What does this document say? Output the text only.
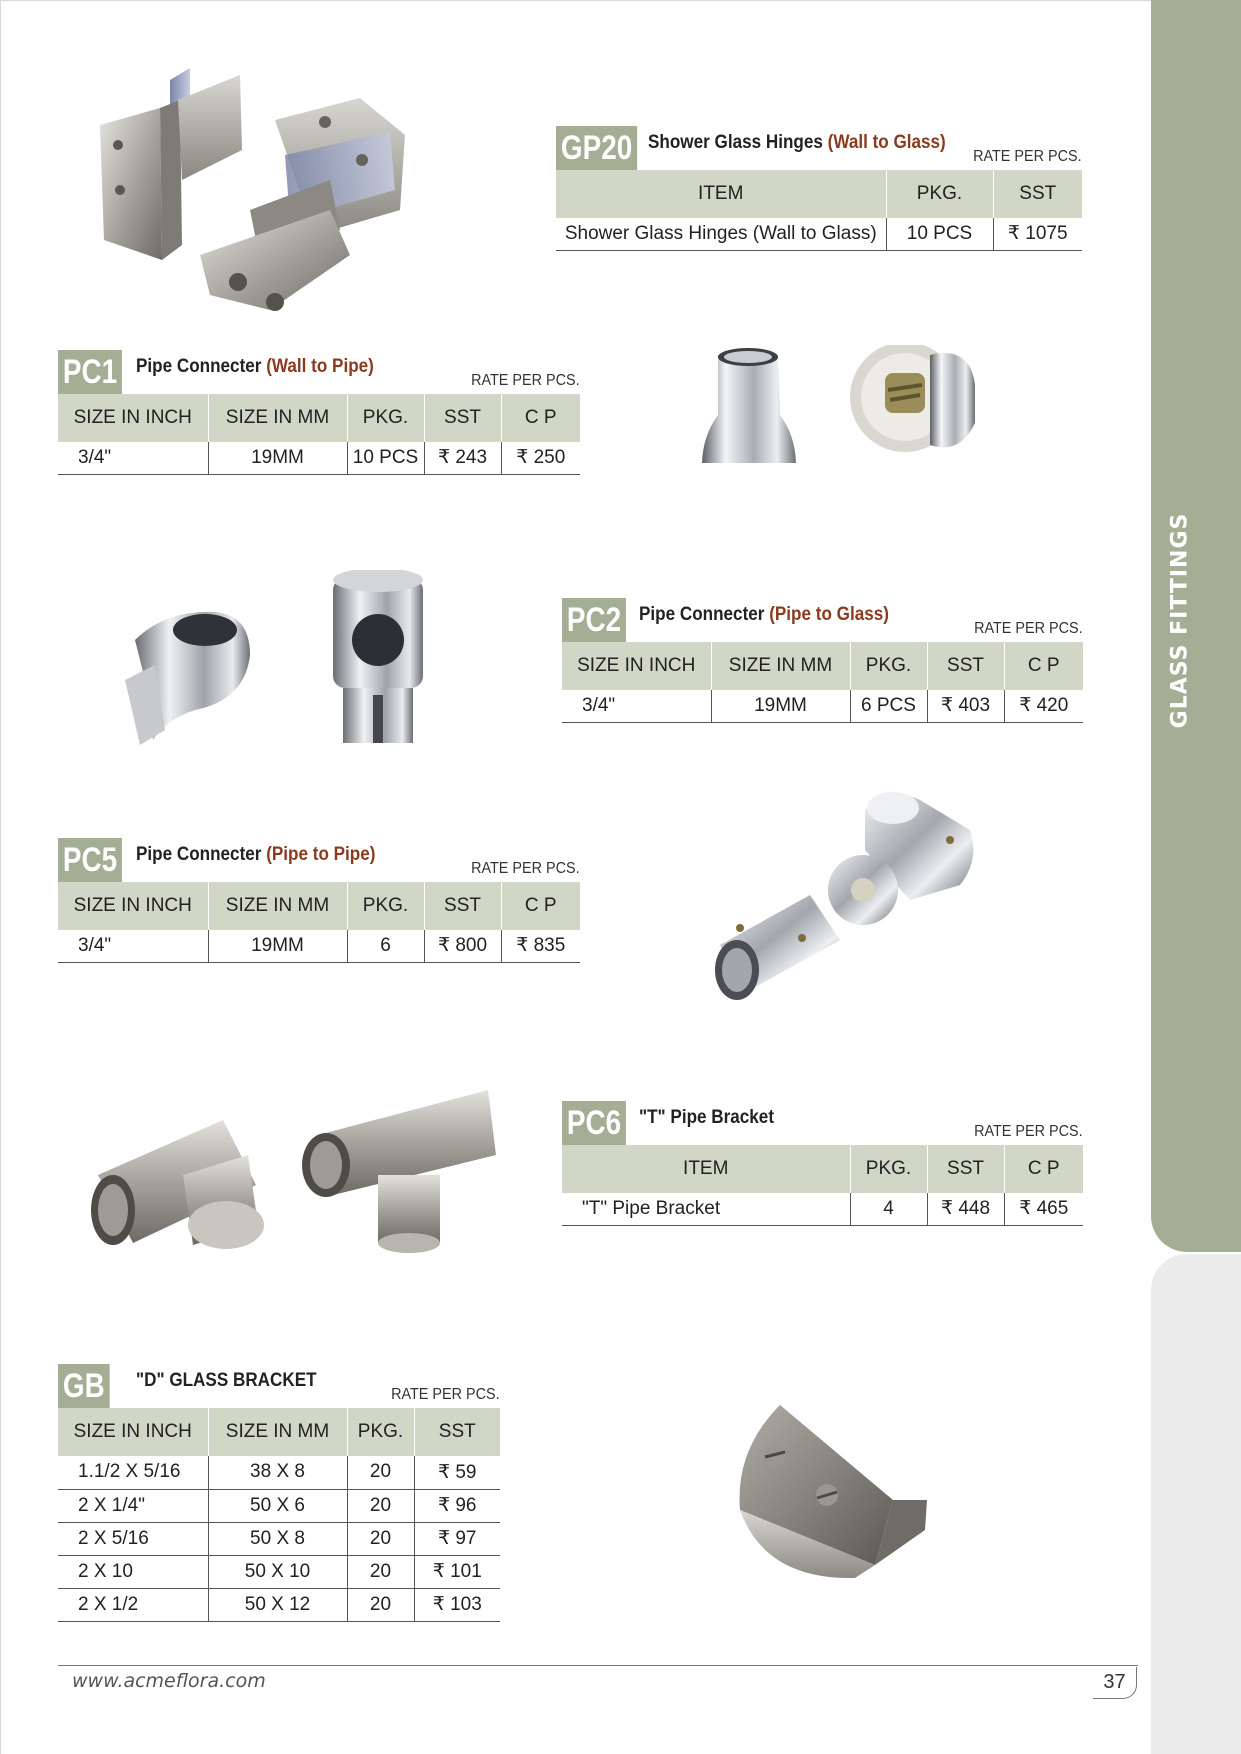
GLASS FITTINGS
GP20 Shower Glass Hinges (Wall to Glass)
RATE PER PCS.
ITEM	PKG.	SST
Shower Glass Hinges (Wall to Glass)	10 PCS	₹ 1075
PC1 Pipe Connecter (Wall to Pipe)
RATE PER PCS.
SIZE IN INCH	SIZE IN MM	PKG.	SST	C P
3/4"	19MM	10 PCS	₹ 243	₹ 250
PC2 Pipe Connecter (Pipe to Glass)
RATE PER PCS.
SIZE IN INCH	SIZE IN MM	PKG.	SST	C P
3/4"	19MM	6 PCS	₹ 403	₹ 420
PC5 Pipe Connecter (Pipe to Pipe)
RATE PER PCS.
SIZE IN INCH	SIZE IN MM	PKG.	SST	C P
3/4"	19MM	6	₹ 800	₹ 835
PC6 "T" Pipe Bracket
RATE PER PCS.
ITEM	PKG.	SST	C P
"T" Pipe Bracket	4	₹ 448	₹ 465
GB "D" GLASS BRACKET
RATE PER PCS.
SIZE IN INCH	SIZE IN MM	PKG.	SST
1.1/2 X 5/16	38 X 8	20	₹ 59
2 X 1/4"	50 X 6	20	₹ 96
2 X 5/16	50 X 8	20	₹ 97
2 X 10	50 X 10	20	₹ 101
2 X 1/2	50 X 12	20	₹ 103
www.acmeflora.com	37
